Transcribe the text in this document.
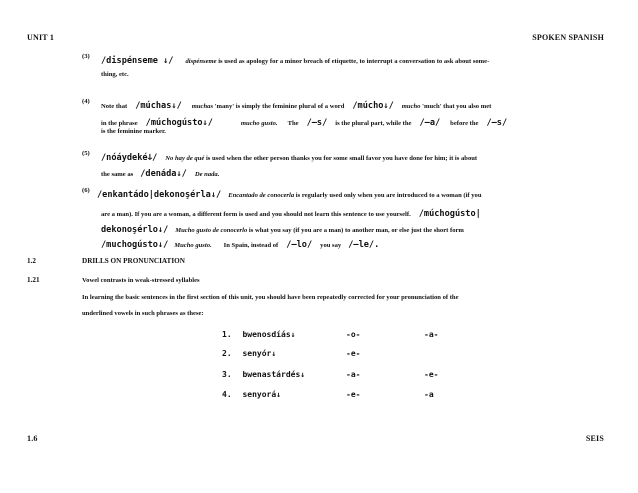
UNIT 1	SPOKEN SPANISH
(3) /dispénseme ↓/ dispénseme is used as apology for a minor breach of etiquette, to interrupt a conversation to ask about some-
thing, etc.
(4)
Note that /múchas↓/ muchas 'many' is simply the feminine plural of a word /múcho↓/ mucho 'much' that you also met
in the phrase /múchogústo↓/	mucho gusto. The /—s/ is the plural part, while the /—a/ before the /—s/
is the feminine marker.
(5) /nóáydekéↆ/ No hay de qué is used when the other person thanks you for some small favor you have done for him; it is about
the same as /denáda↓/ De nada.
(6) /enkantádo|dekonoşérla↓/ Encantado de conocerla is regularly used only when you are introduced to a woman (if you
are a man). If you are a woman, a different form is used and you should not learn this sentence to use yourself. /múchogústo|
dekonoşérlo↓/ Mucho gusto de conocerlo is what you say (if you are a man) to another man, or else just the short form
/muchogústo↓/ Mucho gusto. In Spain, instead of /—lo/ you say /—le/.
1.2	DRILLS ON PRONUNCIATION
1.21	Vowel contrasts in weak-stressed syllables
In learning the basic sentences in the first section of this unit, you should have been repeatedly corrected for your pronunciation of the
underlined vowels in such phrases as these:
1. bwenosdíás↓	-o-	-a-
2. senyór↓	-e-
3. bwenastárdés↓	-a-	-e-
4. senyorá↓	-e-	-a
1.6	SEIS
